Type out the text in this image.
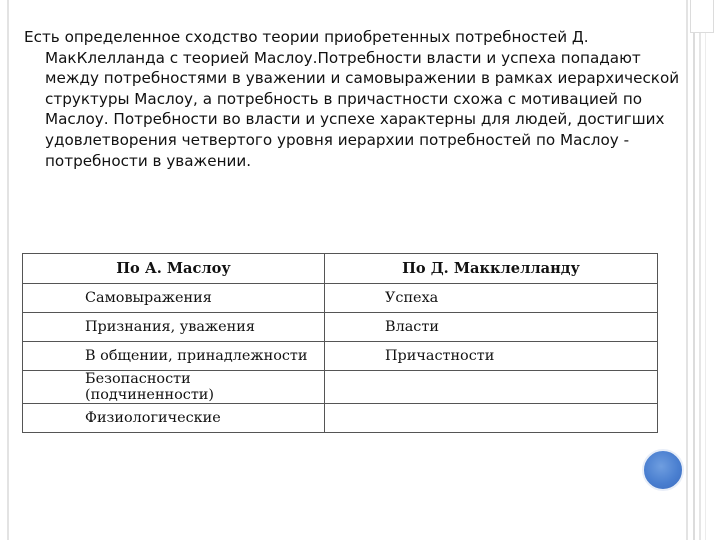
Есть определенное сходство теории приобретенных потребностей Д. МакКлелланда с теорией Маслоу.Потребности власти и успеха попадают между потребностями в уважении и самовыражении в рамках иерархической структуры Маслоу, а потребность в причастности схожа с мотивацией по Маслоу. Потребности во власти и успехе характерны для людей, достигших удовлетворения четвертого уровня иерархии потребностей по Маслоу - потребности в уважении.

По А. Маслоу	По Д. Макклелланду
Самовыражения	Успеха
Признания, уважения	Власти
В общении, принадлежности	Причастности
Безопасности (подчиненности)	
Физиологические	
